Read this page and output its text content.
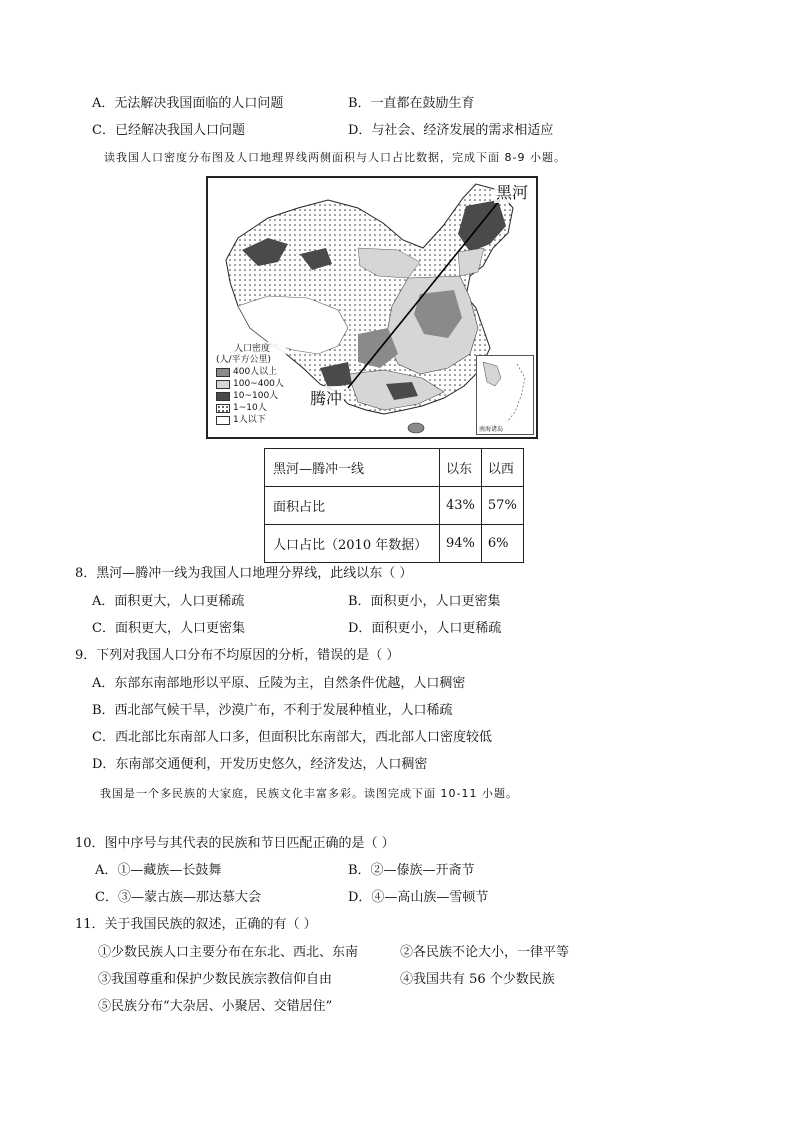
A．无法解决我国面临的人口问题	B．一直都在鼓励生育
C．已经解决我国人口问题	D．与社会、经济发展的需求相适应
读我国人口密度分布图及人口地理界线两侧面积与人口占比数据，完成下面 8-9 小题。
黑河
腾冲
人口密度
(人/平方公里)
400人以上
100~400人
10~100人
1~10人
1人以下
南海诸岛
黑河—腾冲一线	以东	以西
面积占比	43%	57%
人口占比（2010 年数据）	94%	6%
8．黑河—腾冲一线为我国人口地理分界线，此线以东（ ）
A．面积更大，人口更稀疏	B．面积更小，人口更密集
C．面积更大，人口更密集	D．面积更小，人口更稀疏
9．下列对我国人口分布不均原因的分析，错误的是（ ）
A．东部东南部地形以平原、丘陵为主，自然条件优越，人口稠密
B．西北部气候干旱，沙漠广布，不利于发展种植业，人口稀疏
C．西北部比东南部人口多，但面积比东南部大，西北部人口密度较低
D．东南部交通便利，开发历史悠久，经济发达，人口稠密
我国是一个多民族的大家庭，民族文化丰富多彩。读图完成下面 10-11 小题。
10．图中序号与其代表的民族和节日匹配正确的是（ ）
A．①—藏族—长鼓舞	B．②—傣族—开斋节
C．③—蒙古族—那达慕大会	D．④—高山族—雪顿节
11．关于我国民族的叙述，正确的有（ ）
①少数民族人口主要分布在东北、西北、东南	②各民族不论大小，一律平等
③我国尊重和保护少数民族宗教信仰自由	④我国共有 56 个少数民族
⑤民族分布“大杂居、小聚居、交错居住”
